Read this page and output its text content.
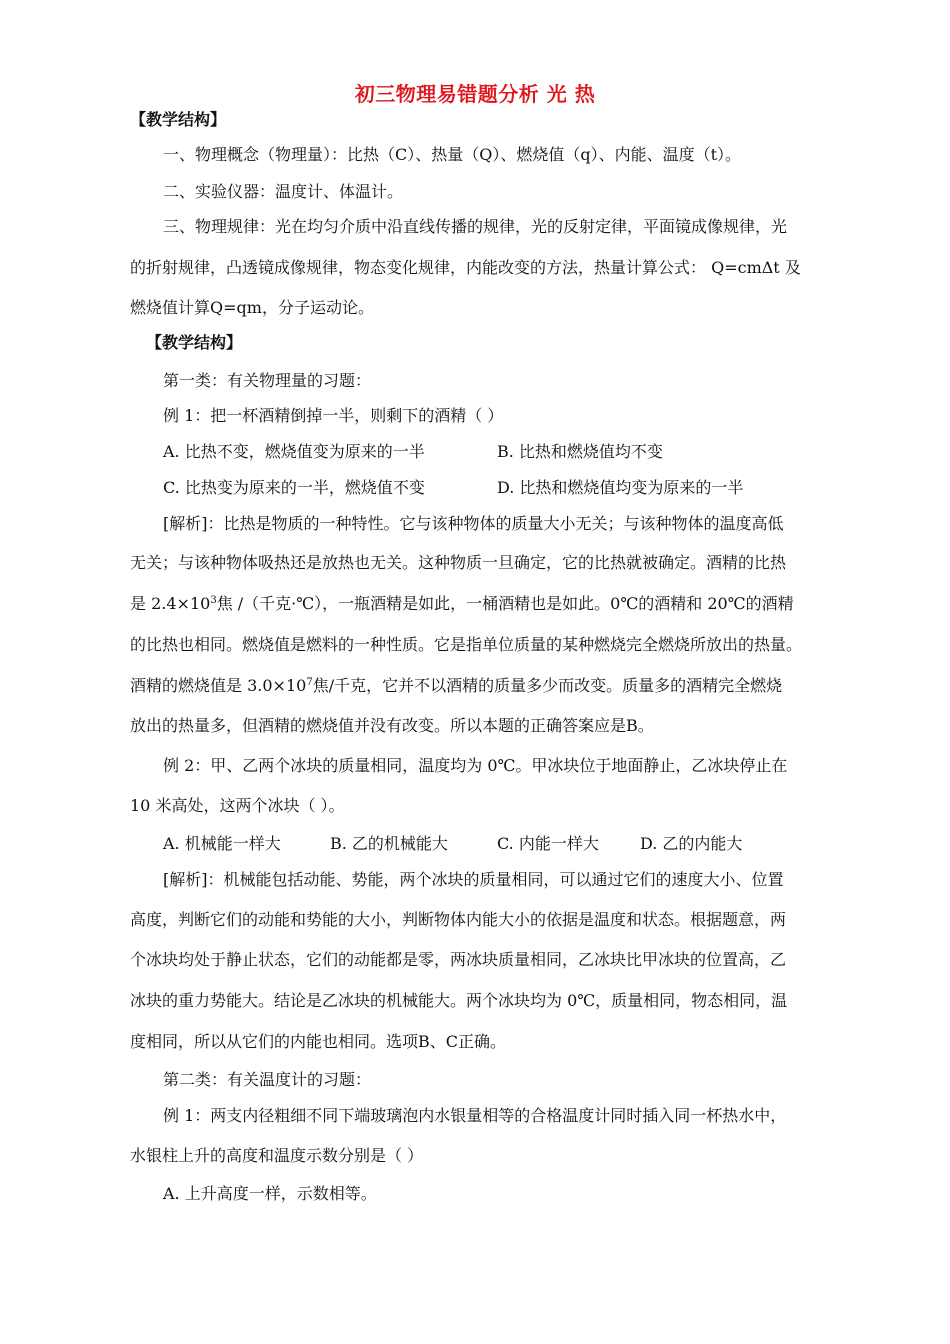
初三物理易错题分析 光 热
【教学结构】
一、物理概念（物理量）：比热（C）、热量（Q）、燃烧值（q）、内能、温度（t）。
二、实验仪器：温度计、体温计。
三、物理规律：光在均匀介质中沿直线传播的规律，光的反射定律，平面镜成像规律，光
的折射规律，凸透镜成像规律，物态变化规律，内能改变的方法，热量计算公式： Q=cmΔt 及
燃烧值计算Q=qm，分子运动论。
【教学结构】
第一类：有关物理量的习题：
例 1：把一杯酒精倒掉一半，则剩下的酒精（ ）
A. 比热不变，燃烧值变为原来的一半	B. 比热和燃烧值均不变
C. 比热变为原来的一半，燃烧值不变	D. 比热和燃烧值均变为原来的一半
[解析]：比热是物质的一种特性。它与该种物体的质量大小无关；与该种物体的温度高低
无关；与该种物体吸热还是放热也无关。这种物质一旦确定，它的比热就被确定。酒精的比热
是 $2.4\times 10^3$焦 /（千克·℃），一瓶酒精是如此，一桶酒精也是如此。0℃的酒精和 20℃的酒精
的比热也相同。燃烧值是燃料的一种性质。它是指单位质量的某种燃烧完全燃烧所放出的热量。
酒精的燃烧值是 $3.0\times 10^7$焦/千克，它并不以酒精的质量多少而改变。质量多的酒精完全燃烧
放出的热量多，但酒精的燃烧值并没有改变。所以本题的正确答案应是B。
例 2：甲、乙两个冰块的质量相同，温度均为 0℃。甲冰块位于地面静止，乙冰块停止在
10 米高处，这两个冰块（ ）。
A. 机械能一样大	B. 乙的机械能大	C. 内能一样大	D. 乙的内能大
[解析]：机械能包括动能、势能，两个冰块的质量相同，可以通过它们的速度大小、位置
高度，判断它们的动能和势能的大小，判断物体内能大小的依据是温度和状态。根据题意，两
个冰块均处于静止状态，它们的动能都是零，两冰块质量相同，乙冰块比甲冰块的位置高，乙
冰块的重力势能大。结论是乙冰块的机械能大。两个冰块均为 0℃，质量相同，物态相同，温
度相同，所以从它们的内能也相同。选项B、C正确。
第二类：有关温度计的习题：
例 1：两支内径粗细不同下端玻璃泡内水银量相等的合格温度计同时插入同一杯热水中，
水银柱上升的高度和温度示数分别是（ ）
A. 上升高度一样，示数相等。
